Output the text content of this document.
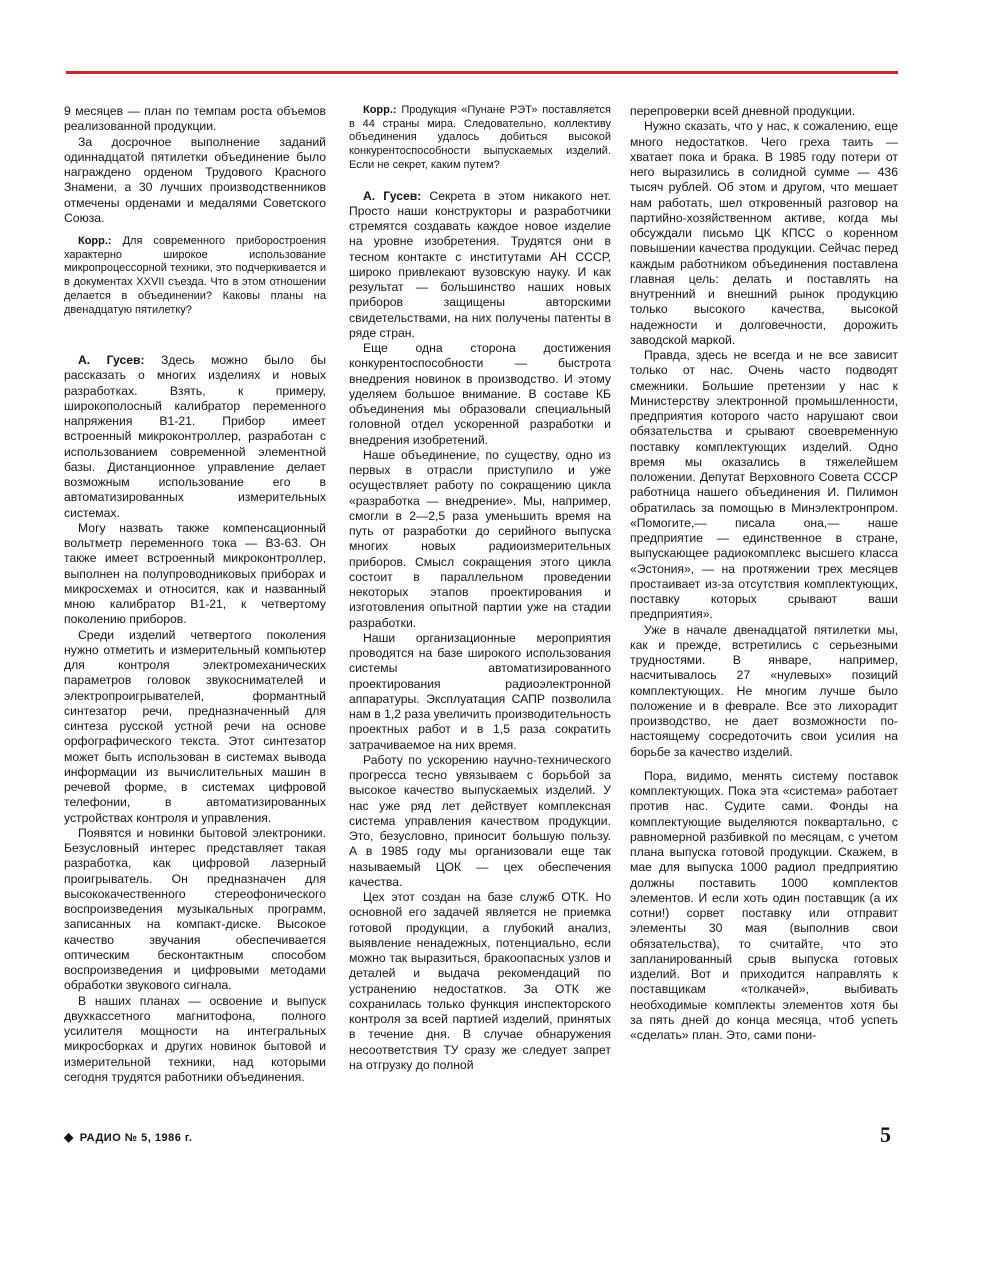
9 месяцев — план по темпам роста объемов реализованной продукции.

За досрочное выполнение заданий одиннадцатой пятилетки объединение было награждено орденом Трудового Красного Знамени, а 30 лучших производственников отмечены орденами и медалями Советского Союза.

Корр.: Для современного приборостроения характерно широкое использование микропроцессорной техники, это подчеркивается и в документах XXVII съезда. Что в этом отношении делается в объединении? Каковы планы на двенадцатую пятилетку?

А. Гусев: Здесь можно было бы рассказать о многих изделиях и новых разработках. Взять, к примеру, широкополосный калибратор переменного напряжения В1-21. Прибор имеет встроенный микроконтроллер, разработан с использованием современной элементной базы. Дистанционное управление делает возможным использование его в автоматизированных измерительных системах.

Могу назвать также компенсационный вольтметр переменного тока — В3-63. Он также имеет встроенный микроконтроллер, выполнен на полупроводниковых приборах и микросхемах и относится, как и названный мною калибратор В1-21, к четвертому поколению приборов.

Среди изделий четвертого поколения нужно отметить и измерительный компьютер для контроля электромеханических параметров головок звукоснимателей и электропроигрывателей, формантный синтезатор речи, предназначенный для синтеза русской устной речи на основе орфографического текста. Этот синтезатор может быть использован в системах вывода информации из вычислительных машин в речевой форме, в системах цифровой телефонии, в автоматизированных устройствах контроля и управления.

Появятся и новинки бытовой электроники. Безусловный интерес представляет такая разработка, как цифровой лазерный проигрыватель. Он предназначен для высококачественного стереофонического воспроизведения музыкальных программ, записанных на компакт-диске. Высокое качество звучания обеспечивается оптическим бесконтактным способом воспроизведения и цифровыми методами обработки звукового сигнала.

В наших планах — освоение и выпуск двухкассетного магнитофона, полного усилителя мощности на интегральных микросборках и других новинок бытовой и измерительной техники, над которыми сегодня трудятся работники объединения.

Корр.: Продукция «Пунане РЭТ» поставляется в 44 страны мира. Следовательно, коллективу объединения удалось добиться высокой конкурентоспособности выпускаемых изделий. Если не секрет, каким путем?

А. Гусев: Секрета в этом никакого нет. Просто наши конструкторы и разработчики стремятся создавать каждое новое изделие на уровне изобретения. Трудятся они в тесном контакте с институтами АН СССР, широко привлекают вузовскую науку. И как результат — большинство наших новых приборов защищены авторскими свидетельствами, на них получены патенты в ряде стран.

Еще одна сторона достижения конкурентоспособности — быстрота внедрения новинок в производство. И этому уделяем большое внимание. В составе КБ объединения мы образовали специальный головной отдел ускоренной разработки и внедрения изобретений.

Наше объединение, по существу, одно из первых в отрасли приступило и уже осуществляет работу по сокращению цикла «разработка — внедрение». Мы, например, смогли в 2—2,5 раза уменьшить время на путь от разработки до серийного выпуска многих новых радиоизмерительных приборов. Смысл сокращения этого цикла состоит в параллельном проведении некоторых этапов проектирования и изготовления опытной партии уже на стадии разработки.

Наши организационные мероприятия проводятся на базе широкого использования системы автоматизированного проектирования радиоэлектронной аппаратуры. Эксплуатация САПР позволила нам в 1,2 раза увеличить производительность проектных работ и в 1,5 раза сократить затрачиваемое на них время.

Работу по ускорению научно-технического прогресса тесно увязываем с борьбой за высокое качество выпускаемых изделий. У нас уже ряд лет действует комплексная система управления качеством продукции. Это, безусловно, приносит большую пользу. А в 1985 году мы организовали еще так называемый ЦОК — цех обеспечения качества.

Цех этот создан на базе служб ОТК. Но основной его задачей является не приемка готовой продукции, а глубокий анализ, выявление ненадежных, потенциально, если можно так выразиться, бракоопасных узлов и деталей и выдача рекомендаций по устранению недостатков. За ОТК же сохранилась только функция инспекторского контроля за всей партией изделий, принятых в течение дня. В случае обнаружения несоответствия ТУ сразу же следует запрет на отгрузку до полной

перепроверки всей дневной продукции.

Нужно сказать, что у нас, к сожалению, еще много недостатков. Чего греха таить — хватает пока и брака. В 1985 году потери от него выразились в солидной сумме — 436 тысяч рублей. Об этом и другом, что мешает нам работать, шел откровенный разговор на партийно-хозяйственном активе, когда мы обсуждали письмо ЦК КПСС о коренном повышении качества продукции. Сейчас перед каждым работником объединения поставлена главная цель: делать и поставлять на внутренний и внешний рынок продукцию только высокого качества, высокой надежности и долговечности, дорожить заводской маркой.

Правда, здесь не всегда и не все зависит только от нас. Очень часто подводят смежники. Большие претензии у нас к Министерству электронной промышленности, предприятия которого часто нарушают свои обязательства и срывают своевременную поставку комплектующих изделий. Одно время мы оказались в тяжелейшем положении. Депутат Верховного Совета СССР работница нашего объединения И. Пилимон обратилась за помощью в Минэлектронпром. «Помогите,— писала она,— наше предприятие — единственное в стране, выпускающее радиокомплекс высшего класса «Эстония», — на протяжении трех месяцев простаивает из-за отсутствия комплектующих, поставку которых срывают ваши предприятия».

Уже в начале двенадцатой пятилетки мы, как и прежде, встретились с серьезными трудностями. В январе, например, насчитывалось 27 «нулевых» позиций комплектующих. Не многим лучше было положение и в феврале. Все это лихорадит производство, не дает возможности по-настоящему сосредоточить свои усилия на борьбе за качество изделий.

Пора, видимо, менять систему поставок комплектующих. Пока эта «система» работает против нас. Судите сами. Фонды на комплектующие выделяются поквартально, с равномерной разбивкой по месяцам, с учетом плана выпуска готовой продукции. Скажем, в мае для выпуска 1000 радиол предприятию должны поставить 1000 комплектов элементов. И если хоть один поставщик (а их сотни!) сорвет поставку или отправит элементы 30 мая (выполнив свои обязательства), то считайте, что это запланированный срыв выпуска готовых изделий. Вот и приходится направлять к поставщикам «толкачей», выбивать необходимые комплекты элементов хотя бы за пять дней до конца месяца, чтоб успеть «сделать» план. Это, сами пони-

◆ РАДИО № 5, 1986 г.	5
